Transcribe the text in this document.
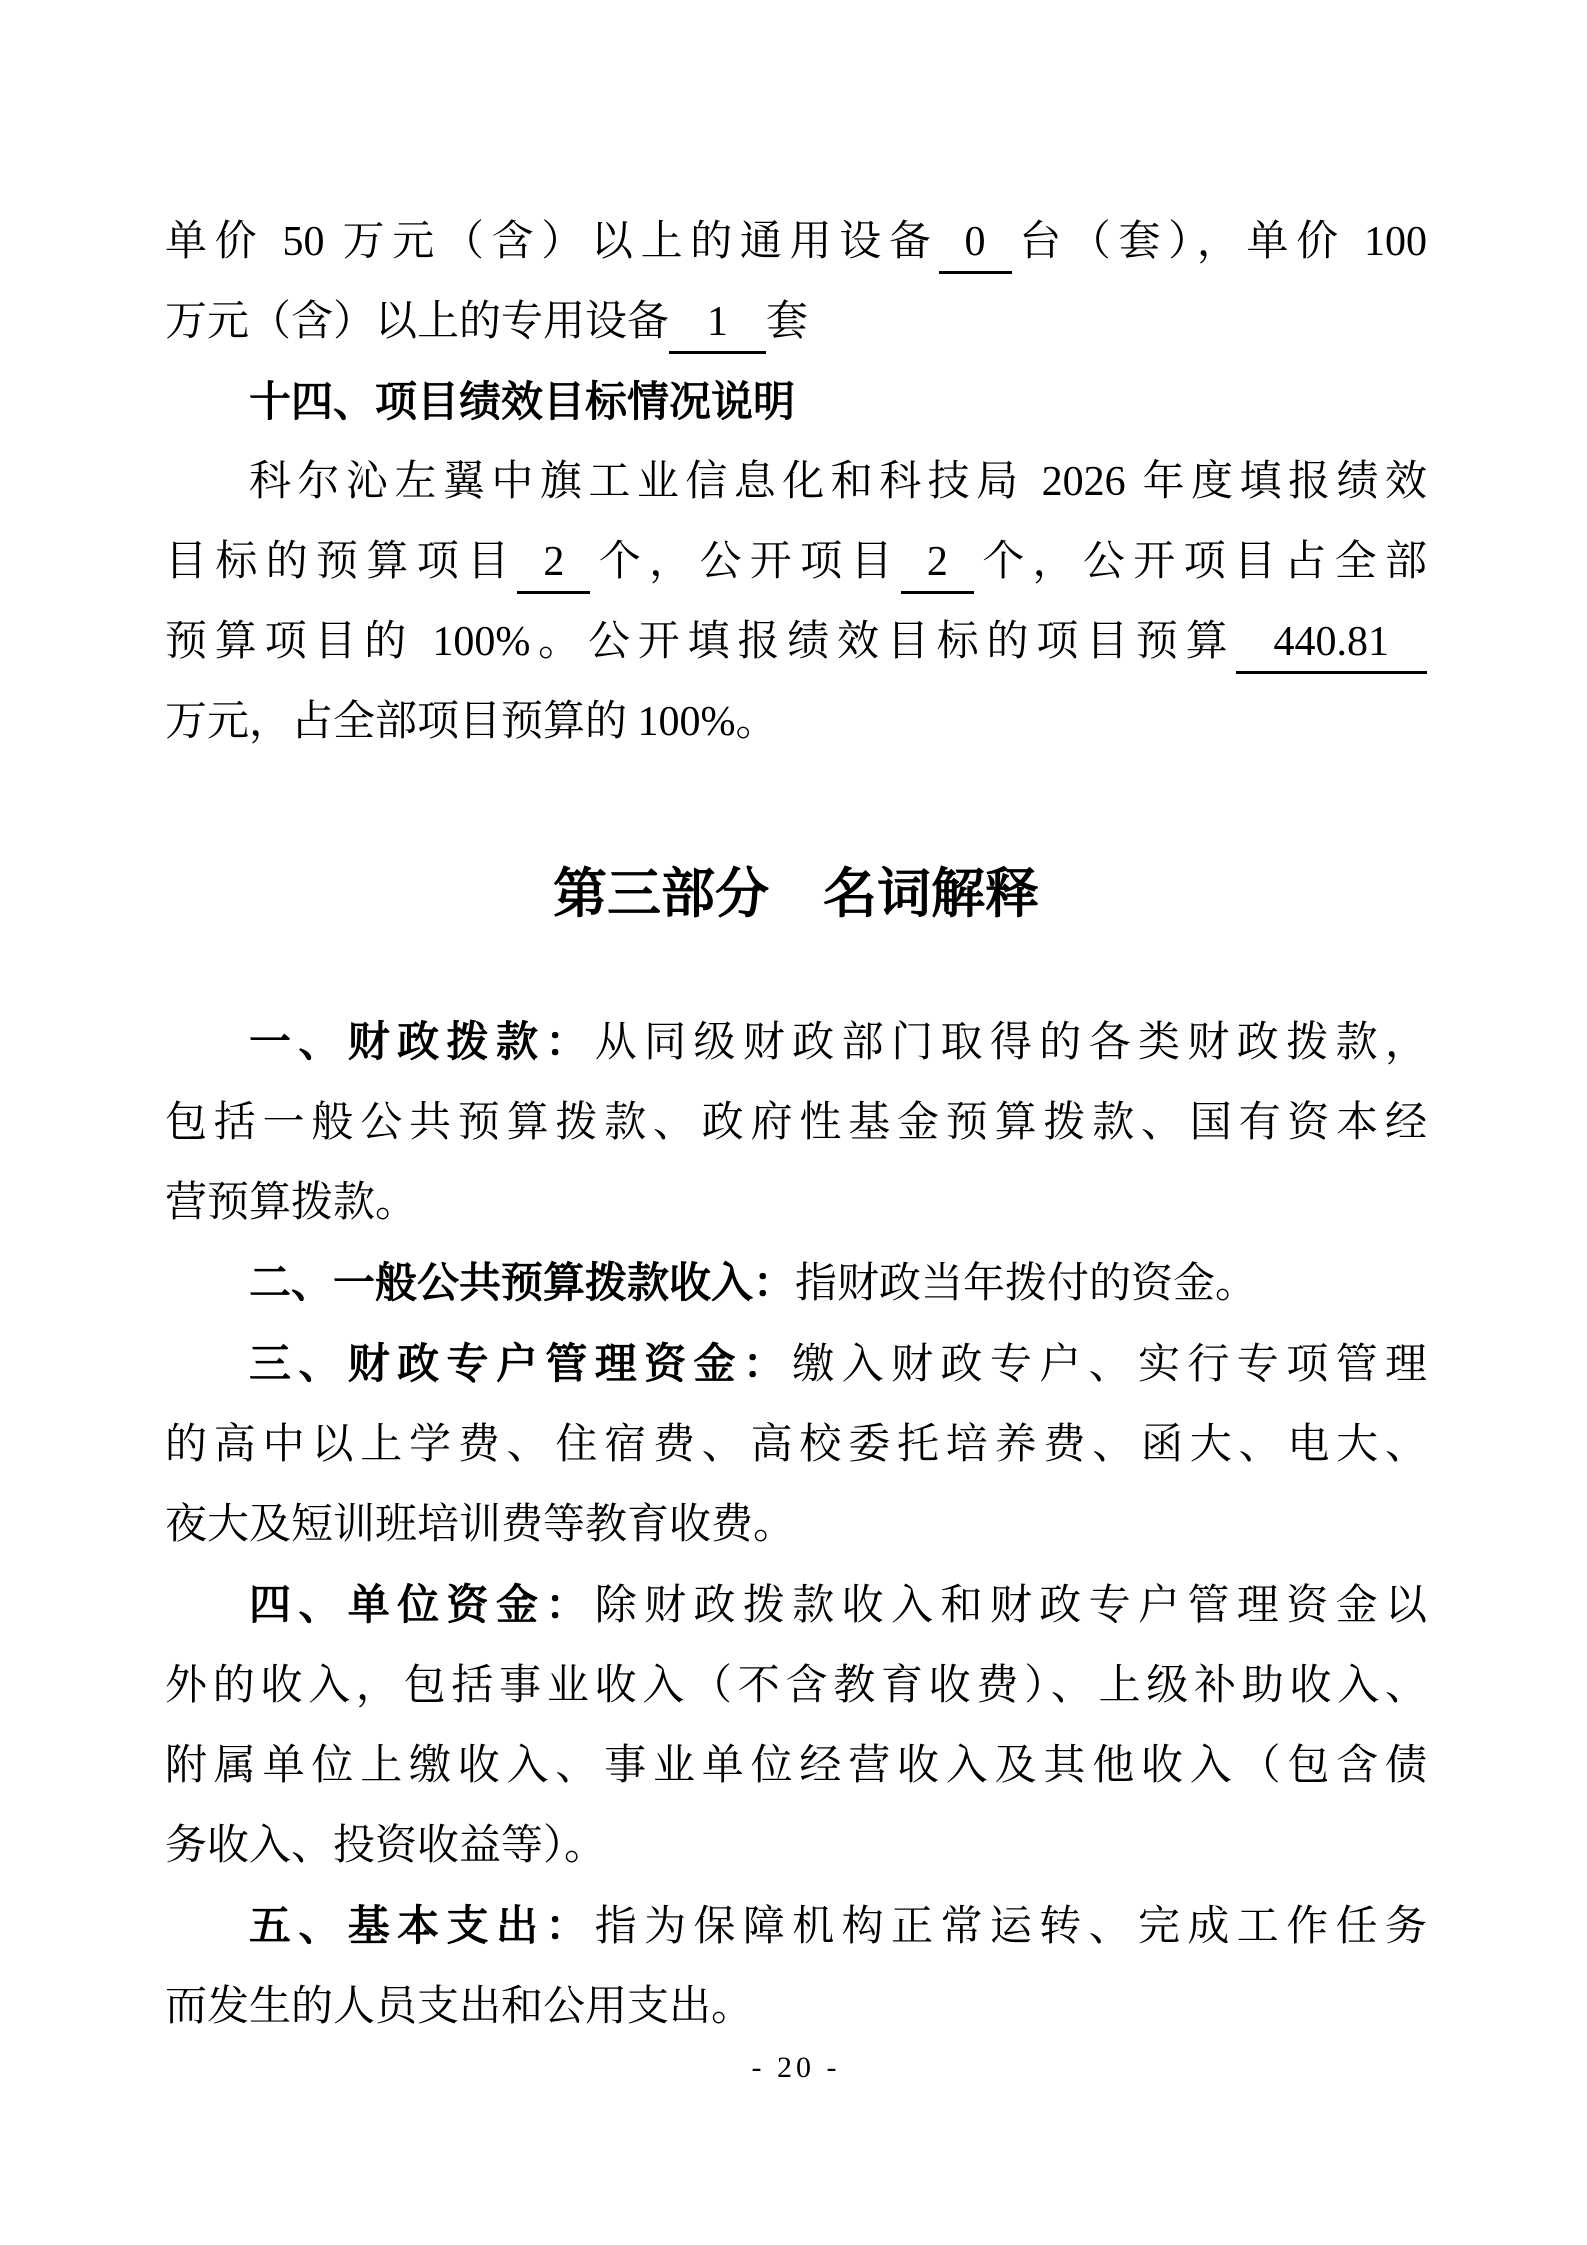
单价 50 万元（含）以上的通用设备 0 台（套），单价 100
万元（含）以上的专用设备 1 套
十四、项目绩效目标情况说明
科尔沁左翼中旗工业信息化和科技局 2026 年度填报绩效
目标的预算项目 2 个，公开项目 2 个，公开项目占全部
预算项目的 100%。公开填报绩效目标的项目预算 440.81
万元，占全部项目预算的 100%。
第三部分　名词解释
一、财政拨款：从同级财政部门取得的各类财政拨款，
包括一般公共预算拨款、政府性基金预算拨款、国有资本经
营预算拨款。
二、一般公共预算拨款收入：指财政当年拨付的资金。
三、财政专户管理资金：缴入财政专户、实行专项管理
的高中以上学费、住宿费、高校委托培养费、函大、电大、
夜大及短训班培训费等教育收费。
四、单位资金：除财政拨款收入和财政专户管理资金以
外的收入，包括事业收入（不含教育收费）、上级补助收入、
附属单位上缴收入、事业单位经营收入及其他收入（包含债
务收入、投资收益等）。
五、基本支出：指为保障机构正常运转、完成工作任务
而发生的人员支出和公用支出。
- 20 -
